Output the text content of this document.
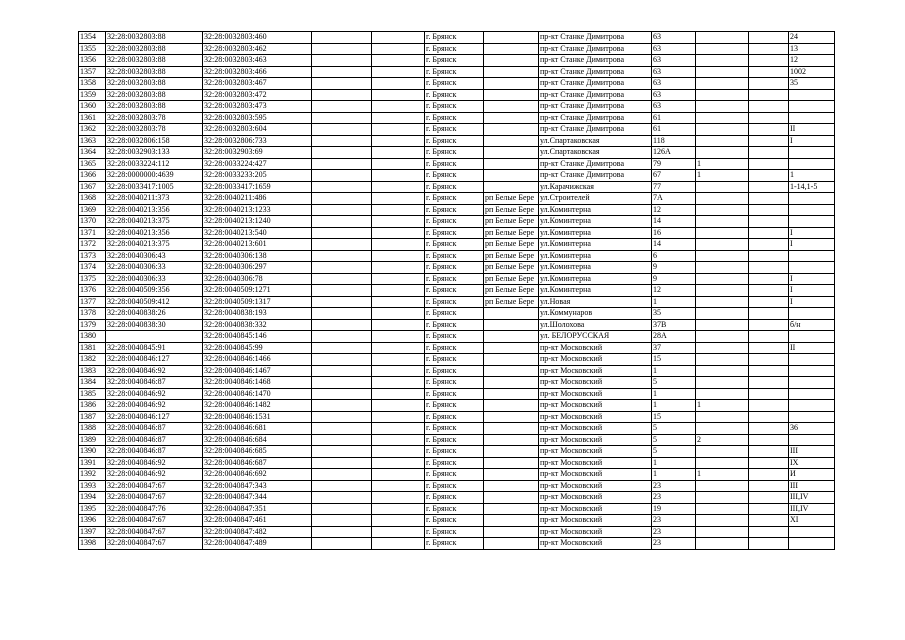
1354	32:28:0032803:88	32:28:0032803:460			г. Брянск		пр-кт Станке Димитрова	63			24
1355	32:28:0032803:88	32:28:0032803:462			г. Брянск		пр-кт Станке Димитрова	63			13
1356	32:28:0032803:88	32:28:0032803:463			г. Брянск		пр-кт Станке Димитрова	63			12
1357	32:28:0032803:88	32:28:0032803:466			г. Брянск		пр-кт Станке Димитрова	63			1002
1358	32:28:0032803:88	32:28:0032803:467			г. Брянск		пр-кт Станке Димитрова	63			35
1359	32:28:0032803:88	32:28:0032803:472			г. Брянск		пр-кт Станке Димитрова	63			
1360	32:28:0032803:88	32:28:0032803:473			г. Брянск		пр-кт Станке Димитрова	63			
1361	32:28:0032803:78	32:28:0032803:595			г. Брянск		пр-кт Станке Димитрова	61			
1362	32:28:0032803:78	32:28:0032803:604			г. Брянск		пр-кт Станке Димитрова	61			II
1363	32:28:0032806:158	32:28:0032806:733			г. Брянск		ул.Спартаковская	118			I
1364	32:28:0032903:133	32:28:0032903:69			г. Брянск		ул.Спартаковская	126А			
1365	32:28:0033224:112	32:28:0033224:427			г. Брянск		пр-кт Станке Димитрова	79	1		
1366	32:28:0000000:4639	32:28:0033233:205			г. Брянск		пр-кт Станке Димитрова	67	1		1
1367	32:28:0033417:1005	32:28:0033417:1659			г. Брянск		ул.Карачижская	77			1-14,1-5
1368	32:28:0040211:373	32:28:0040211:486			г. Брянск	рп Белые Бере	ул.Строителей	7А			
1369	32:28:0040213:356	32:28:0040213:1233			г. Брянск	рп Белые Бере	ул.Коминтерна	12			
1370	32:28:0040213:375	32:28:0040213:1240			г. Брянск	рп Белые Бере	ул.Коминтерна	14			
1371	32:28:0040213:356	32:28:0040213:540			г. Брянск	рп Белые Бере	ул.Коминтерна	16			I
1372	32:28:0040213:375	32:28:0040213:601			г. Брянск	рп Белые Бере	ул.Коминтерна	14			I
1373	32:28:0040306:43	32:28:0040306:138			г. Брянск	рп Белые Бере	ул.Коминтерна	6			
1374	32:28:0040306:33	32:28:0040306:297			г. Брянск	рп Белые Бере	ул.Коминтерна	9			
1375	32:28:0040306:33	32:28:0040306:78			г. Брянск	рп Белые Бере	ул.Коминтерна	9			I
1376	32:28:0040509:356	32:28:0040509:1271			г. Брянск	рп Белые Бере	ул.Коминтерна	12			I
1377	32:28:0040509:412	32:28:0040509:1317			г. Брянск	рп Белые Бере	ул.Новая	1			I
1378	32:28:0040838:26	32:28:0040838:193			г. Брянск		ул.Коммунаров	35			
1379	32:28:0040838:30	32:28:0040838:332			г. Брянск		ул.Шолохова	37В			б/н
1380		32:28:0040845:146			г. Брянск		ул. БЕЛОРУССКАЯ	28А			
1381	32:28:0040845:91	32:28:0040845:99			г. Брянск		пр-кт Московский	37			II
1382	32:28:0040846:127	32:28:0040846:1466			г. Брянск		пр-кт Московский	15			
1383	32:28:0040846:92	32:28:0040846:1467			г. Брянск		пр-кт Московский	1			
1384	32:28:0040846:87	32:28:0040846:1468			г. Брянск		пр-кт Московский	5			
1385	32:28:0040846:92	32:28:0040846:1470			г. Брянск		пр-кт Московский	1			
1386	32:28:0040846:92	32:28:0040846:1482			г. Брянск		пр-кт Московский	1	1		
1387	32:28:0040846:127	32:28:0040846:1531			г. Брянск		пр-кт Московский	15			
1388	32:28:0040846:87	32:28:0040846:681			г. Брянск		пр-кт Московский	5			36
1389	32:28:0040846:87	32:28:0040846:684			г. Брянск		пр-кт Московский	5	2		
1390	32:28:0040846:87	32:28:0040846:685			г. Брянск		пр-кт Московский	5			III
1391	32:28:0040846:92	32:28:0040846:687			г. Брянск		пр-кт Московский	1			IX
1392	32:28:0040846:92	32:28:0040846:692			г. Брянск		пр-кт Московский	1	1		И
1393	32:28:0040847:67	32:28:0040847:343			г. Брянск		пр-кт Московский	23			III
1394	32:28:0040847:67	32:28:0040847:344			г. Брянск		пр-кт Московский	23			III,IV
1395	32:28:0040847:76	32:28:0040847:351			г. Брянск		пр-кт Московский	19			III,IV
1396	32:28:0040847:67	32:28:0040847:461			г. Брянск		пр-кт Московский	23			XI
1397	32:28:0040847:67	32:28:0040847:482			г. Брянск		пр-кт Московский	23			
1398	32:28:0040847:67	32:28:0040847:489			г. Брянск		пр-кт Московский	23			
